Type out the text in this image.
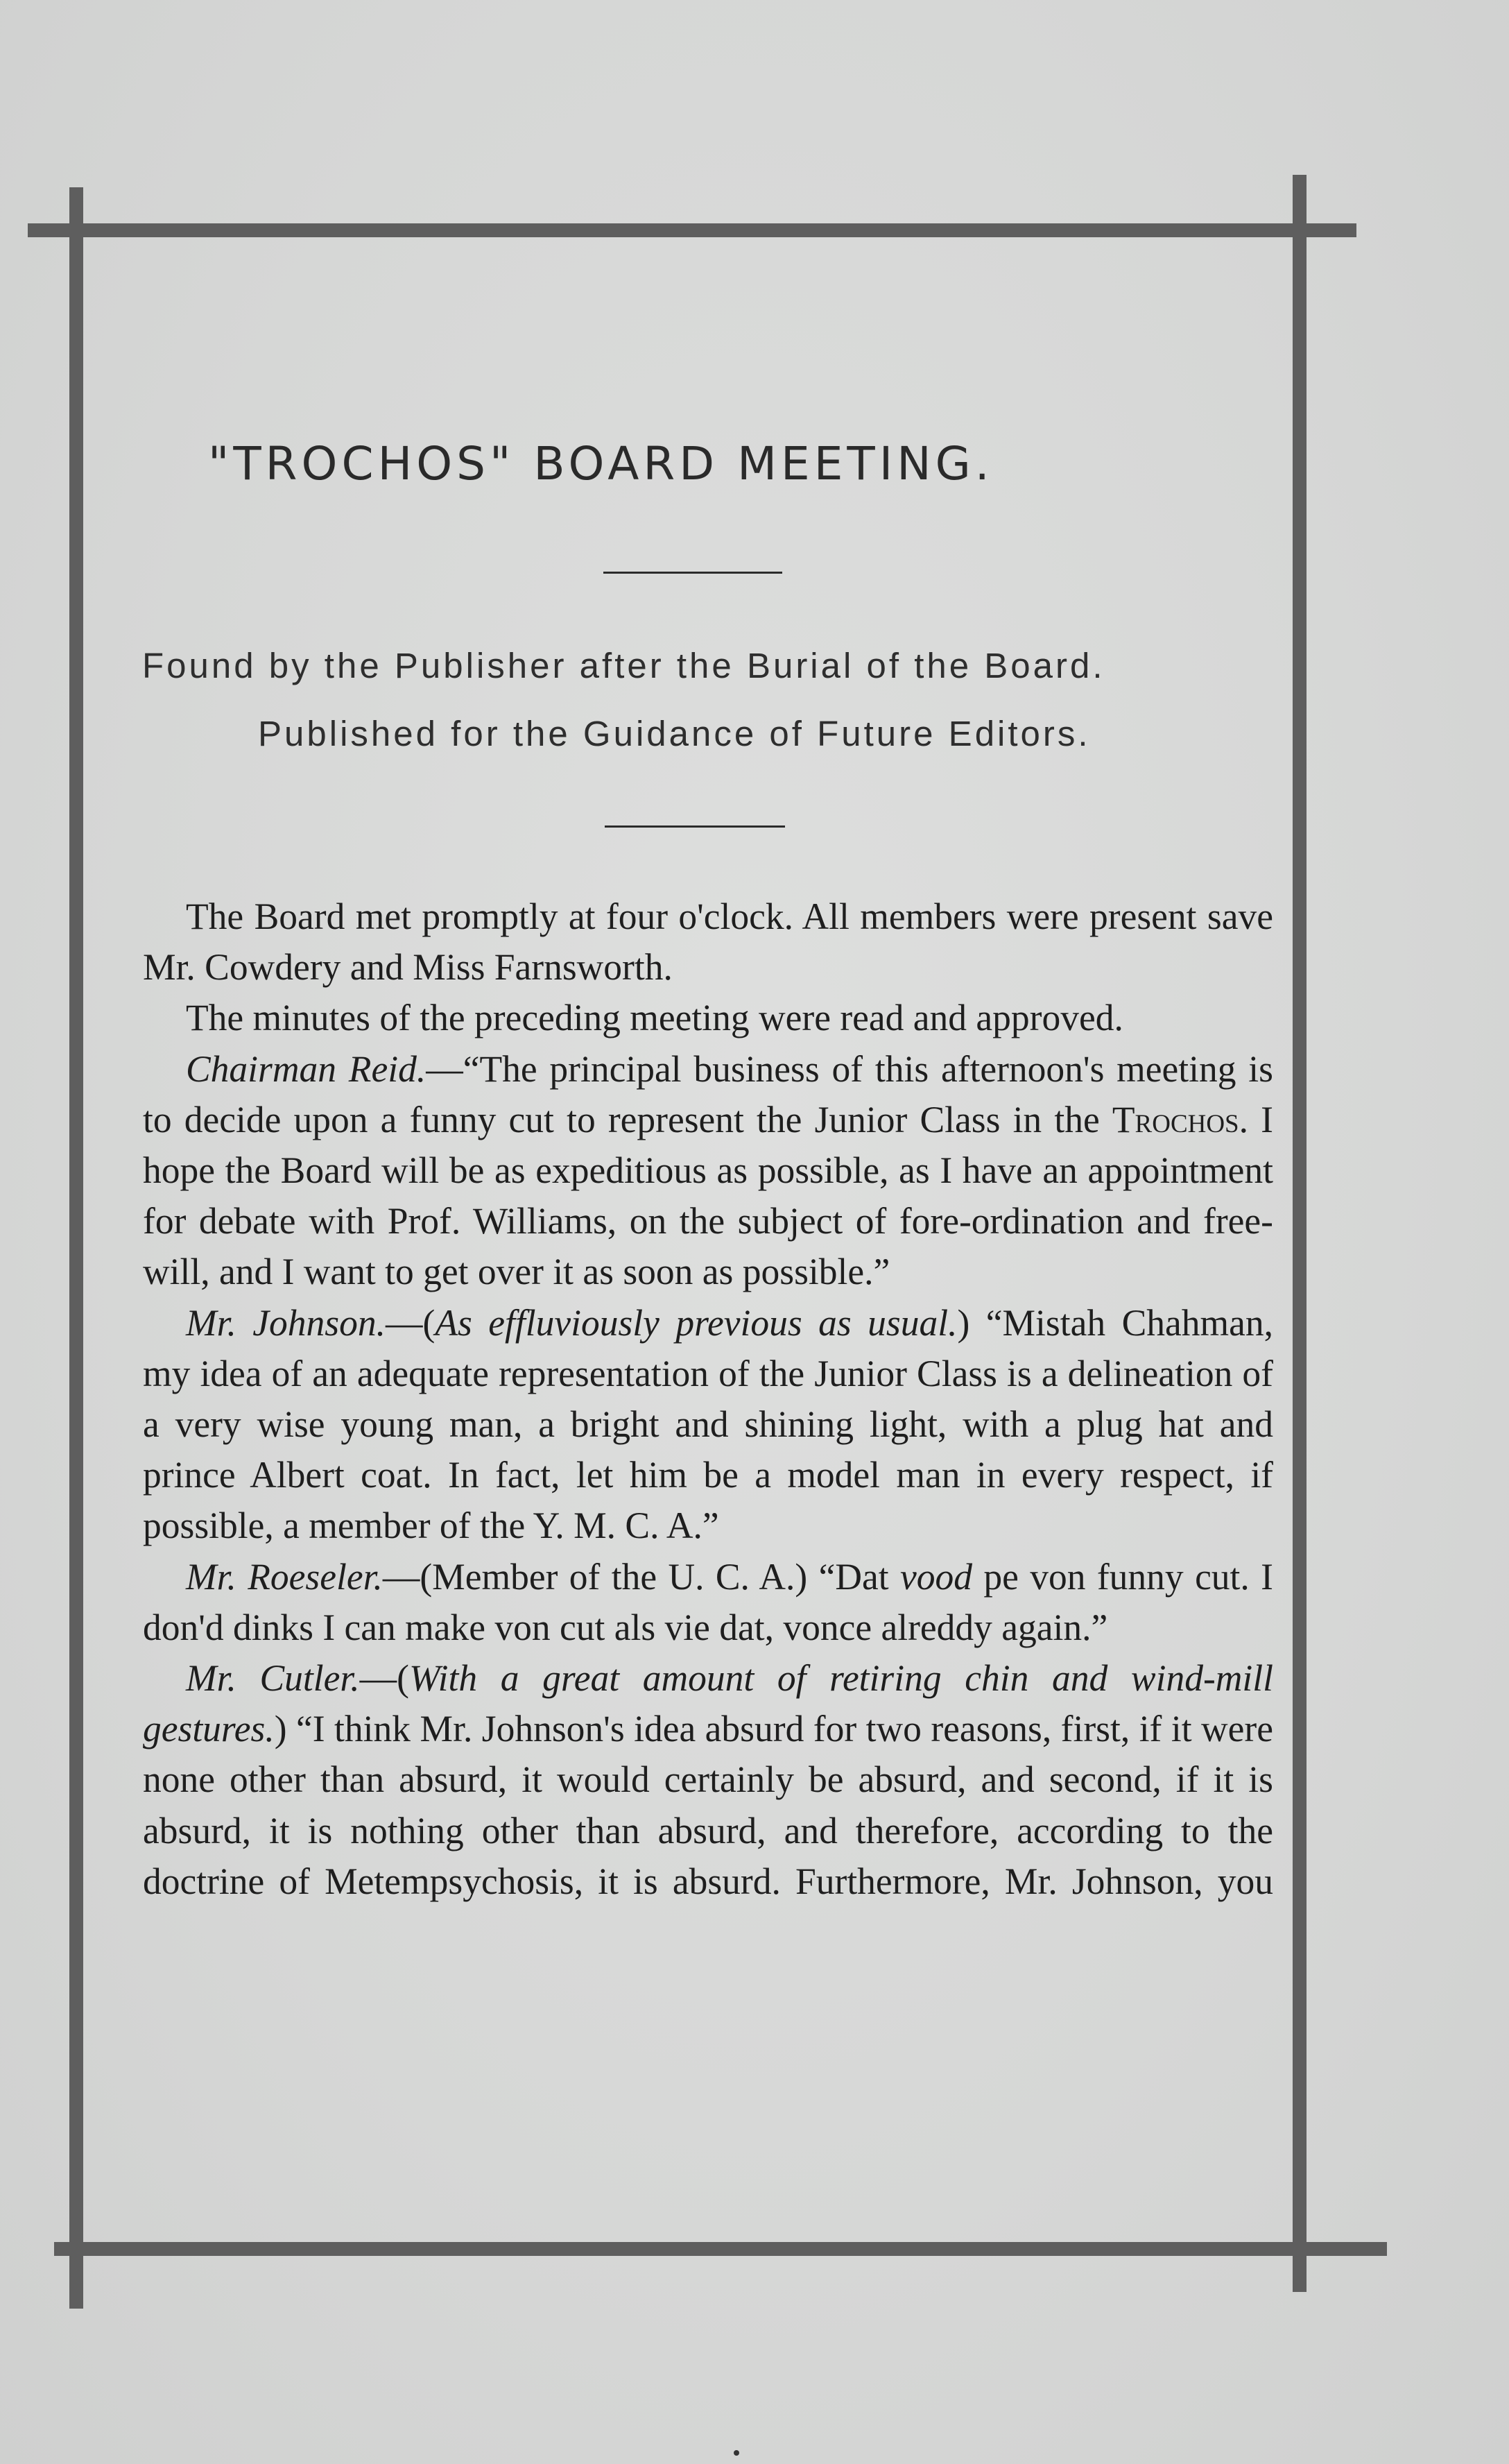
"TROCHOS" BOARD MEETING.
Found by the Publisher after the Burial of the Board.
Published for the Guidance of Future Editors.

The Board met promptly at four o'clock. All members were present save Mr. Cowdery and Miss Farnsworth.

The minutes of the preceding meeting were read and approved.

Chairman Reid.—“The principal business of this afternoon's meeting is to decide upon a funny cut to represent the Junior Class in the Trochos. I hope the Board will be as expeditious as possible, as I have an appointment for debate with Prof. Williams, on the subject of fore-ordination and free-will, and I want to get over it as soon as possible.”

Mr. Johnson.—(As effluviously previous as usual.) “Mistah Chahman, my idea of an adequate representation of the Junior Class is a delineation of a very wise young man, a bright and shining light, with a plug hat and prince Albert coat. In fact, let him be a model man in every respect, if possible, a member of the Y. M. C. A.”

Mr. Roeseler.—(Member of the U. C. A.) “Dat vood pe von funny cut. I don'd dinks I can make von cut als vie dat, vonce alreddy again.”

Mr. Cutler.—(With a great amount of retiring chin and wind-mill gestures.) “I think Mr. Johnson's idea absurd for two reasons, first, if it were none other than absurd, it would certainly be absurd, and second, if it is absurd, it is nothing other than absurd, and therefore, according to the doctrine of Metempsychosis, it is absurd. Furthermore, Mr. Johnson, you
